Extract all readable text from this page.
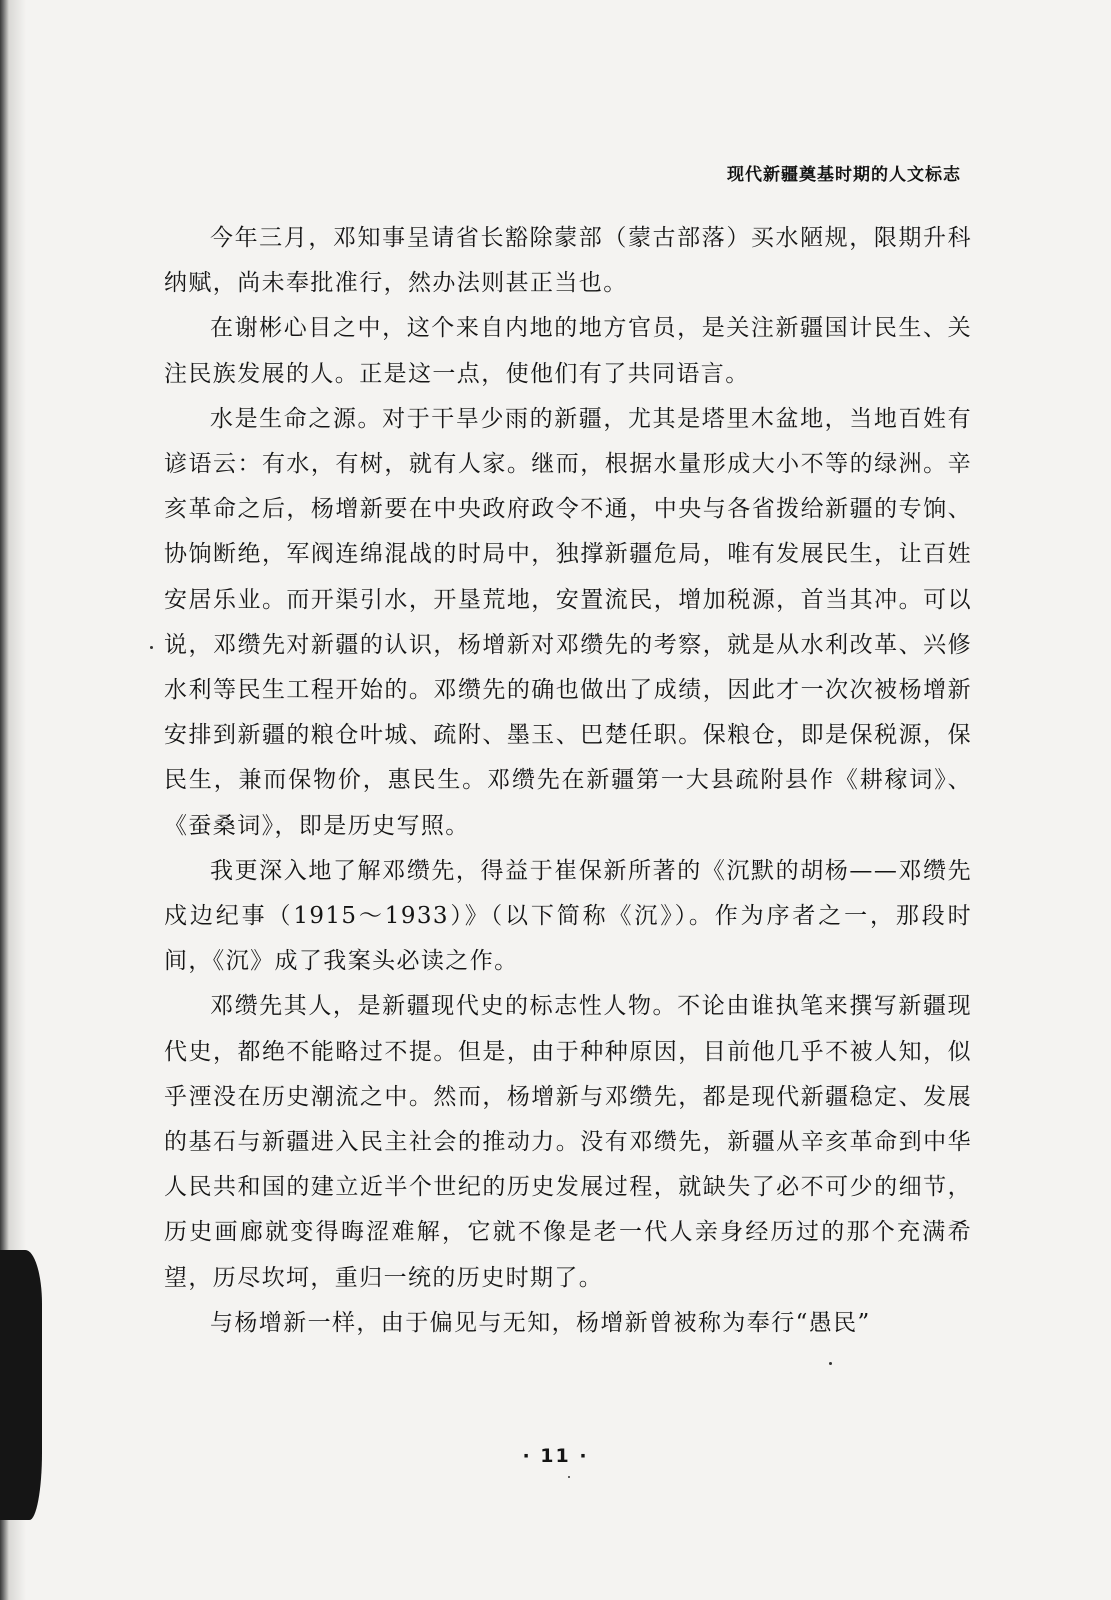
现代新疆奠基时期的人文标志

今年三月，邓知事呈请省长豁除蒙部（蒙古部落）买水陋规，限期升科纳赋，尚未奉批准行，然办法则甚正当也。

在谢彬心目之中，这个来自内地的地方官员，是关注新疆国计民生、关注民族发展的人。正是这一点，使他们有了共同语言。

水是生命之源。对于干旱少雨的新疆，尤其是塔里木盆地，当地百姓有谚语云：有水，有树，就有人家。继而，根据水量形成大小不等的绿洲。辛亥革命之后，杨增新要在中央政府政令不通，中央与各省拨给新疆的专饷、协饷断绝，军阀连绵混战的时局中，独撑新疆危局，唯有发展民生，让百姓安居乐业。而开渠引水，开垦荒地，安置流民，增加税源，首当其冲。可以说，邓缵先对新疆的认识，杨增新对邓缵先的考察，就是从水利改革、兴修水利等民生工程开始的。邓缵先的确也做出了成绩，因此才一次次被杨增新安排到新疆的粮仓叶城、疏附、墨玉、巴楚任职。保粮仓，即是保税源，保民生，兼而保物价，惠民生。邓缵先在新疆第一大县疏附县作《耕稼词》、《蚕桑词》，即是历史写照。

我更深入地了解邓缵先，得益于崔保新所著的《沉默的胡杨——邓缵先戍边纪事（1915～1933）》（以下简称《沉》）。作为序者之一，那段时间，《沉》成了我案头必读之作。

邓缵先其人，是新疆现代史的标志性人物。不论由谁执笔来撰写新疆现代史，都绝不能略过不提。但是，由于种种原因，目前他几乎不被人知，似乎湮没在历史潮流之中。然而，杨增新与邓缵先，都是现代新疆稳定、发展的基石与新疆进入民主社会的推动力。没有邓缵先，新疆从辛亥革命到中华人民共和国的建立近半个世纪的历史发展过程，就缺失了必不可少的细节，历史画廊就变得晦涩难解，它就不像是老一代人亲身经历过的那个充满希望，历尽坎坷，重归一统的历史时期了。

与杨增新一样，由于偏见与无知，杨增新曾被称为奉行“愚民”

· 11 ·
